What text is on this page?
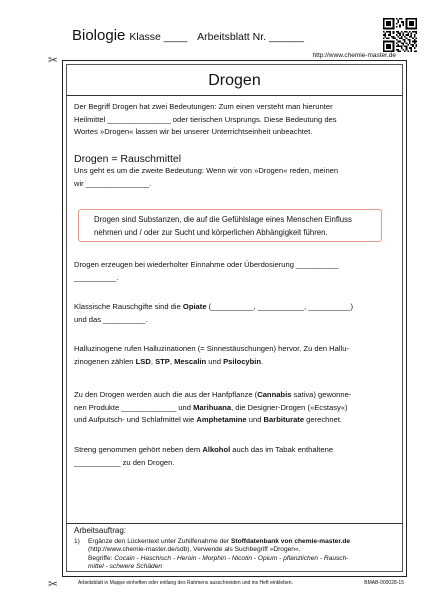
Biologie Klasse ____ Arbeitsblatt Nr. ______
http://www.chemie-master.de
✂
✂
Drogen
Der Begriff Drogen hat zwei Bedeutungen: Zum einen versteht man hierunter
Heilmittel _______________ oder tierischen Ursprungs. Diese Bedeutung des
Wortes »Drogen« lassen wir bei unserer Unterrichtseinheit unbeachtet.
Drogen = Rauschmittel
Uns geht es um die zweite Bedeutung: Wenn wir von »Drogen« reden, meinen
wir _______________.
Drogen sind Substanzen, die auf die Gefühlslage eines Menschen Einfluss
nehmen und / oder zur Sucht und körperlichen Abhängigkeit führen.
Drogen erzeugen bei wiederholter Einnahme oder Überdosierung __________
__________.
Klassische Rauschgifte sind die Opiate (__________, ___________, __________)
und das __________.
Halluzinogene rufen Halluzinationen (= Sinnestäuschungen) hervor. Zu den Hallu-
zinogenen zählen LSD, STP, Mescalin und Psilocybin.
Zu den Drogen werden auch die aus der Hanfpflanze (Cannabis sativa) gewonne-
nen Produkte _____________ und Marihuana, die Designer-Drogen (»Ecstasy«)
und Aufputsch- und Schlafmittel wie Amphetamine und Barbiturate gerechnet.
Streng genommen gehört neben dem Alkohol auch das im Tabak enthaltene
___________ zu den Drogen.
Arbeitsauftrag:
1) Ergänze den Lückentext unter Zuhilfenahme der Stoffdatenbank von chemie-master.de
(http://www.chemie-master.de/sdb). Verwende als Suchbegriff »Drogen«.
Begriffe: Cocain - Haschisch - Heroin - Morphin - Nicotin - Opium - pflanzlichen - Rausch-
mittel - schwere Schäden
Arbeitsblatt in Mappe einheften oder entlang des Rahmens ausschneiden und ins Heft einkleben.	BMAB-000028-15
